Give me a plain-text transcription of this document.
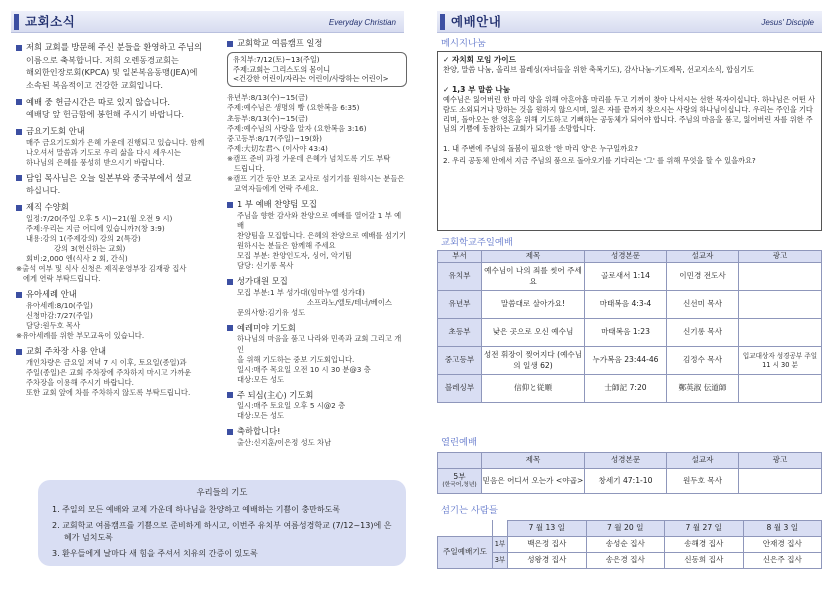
교회소식	Everyday Christian	예배안내	Jesus' Disciple
저희 교회를 방문해 주신 분들을 환영하고 주님의
이름으로 축복합니다. 저희 오렌동경교회는
해외한인장로회(KPCA) 및 일본복음동맹(JEA)에
소속된 복음적이고 건강한 교회입니다.
예배 중 헌금시간은 따로 있지 않습니다.
예배당 앞 헌금함에 봉헌해 주시기 바랍니다.
금요기도회 안내
매주 금요기도회가 은혜 가운데 진행되고 있습니다. 함께
나오셔서 말씀과 기도로 우리 삶을 다시 세우시는
하나님의 은혜를 풍성히 받으시기 바랍니다.
담임 목사님은 오늘 일본부와 중국부에서 설교
하십니다.
제직 수양회
일정:7/20(주일 오후 5 시)~21(월 오전 9 시)
주제:우리는 지금 어디에 있습니까?(창 3:9)
내용:강의 1(주제강의) 강의 2(특강)
강의 3(헌신하는 교회)
회비:2,000 엔(식사 2 회, 간식)
※출석 여부 및 식사 신청은 제직운영부장 김재광 집사
에게 연락 부탁드립니다.
유아세례 안내
유아세례:8/10(주일)
신청마감:7/27(주일)
담당:원두호 목사
※유아세례를 위한 부모교육이 있습니다.
교회 주차장 사용 안내
개인차량은 금요일 저녁 7 시 이후, 토요일(종일)과
주일(종일)은 교회 주차장에 주차하지 마시고 가까운
주차장을 이용해 주시기 바랍니다.
또한 교회 앞에 차를 주차하지 않도록 부탁드립니다.
교회학교 여름캠프 일정
유치부:7/12(토)~13(주일)
주제:교회는 그리스도의 몸이니
<건강한 어린이/자라는 어린이/사랑하는 어린이>
유년부:8/13(수)~15(금)
주제:예수님은 생명의 빵 (요한복음 6:35)
초등부:8/13(수)~15(금)
주제:예수님의 사랑을 알자 (요한복음 3:16)
중고등부:8/17(주일)~19(화)
주제:大切な君へ (이사야 43:4)
※캠프 준비 과정 가운데 은혜가 넘치도록 기도 부탁
드립니다.
※캠프 기간 동안 보조 교사로 섬기기를 원하시는 분들은
교역자들에게 연락 주세요.
1 부 예배 찬양팀 모집
주님을 향한 감사와 찬양으로 예배를 열어갈 1 부 예배
찬양팀을 모집합니다. 은혜의 찬양으로 예배를 섬기기
원하시는 분들은 함께해 주세요
모집 부분: 찬양인도자, 싱어, 악기팀
담당: 신기롱 목사
성가대원 모집
모집 부분:1 부 성가대(임마누엘 성가대)
소프라노/엘토/테너/베이스
문의사항:김기유 성도
예레미야 기도회
하나님의 마음을 품고 나라와 민족과 교회 그리고 개인
을 위해 기도하는 중보 기도회입니다.
일시:매주 목요일 오전 10 시 30 분@3 층
대상:모든 성도
주 되심(主心) 기도회
일시:매주 토요일 오후 5 시@2 층
대상:모든 성도
축하합니다!
출산:신지훈/이은정 성도 차남
우리들의 기도
1. 주일의 모든 예배와 교제 가운데 하나님을 찬양하고 예배하는 기쁨이 충만하도록
2. 교회학교 여름캠프를 기쁨으로 준비하게 하시고, 이번주 유치부 여름성경학교 (7/12~13)에 은혜가 넘치도록
3. 환우들에게 날마다 새 힘을 주셔서 치유의 간증이 있도록
메시지나눔
✓ 자치회 모임 가이드

찬양, 말씀 나눔, 올리브 블레싱(자녀들을 위한 축복기도), 감사나눔-기도제목, 선교지소식, 합심기도

✓ 1,3 부 말씀 나눔

예수님은 잃어버린 한 마리 양을 위해 아흔아홉 마리를 두고 기꺼이 찾아 나서시는 선한 목자이십니다. 하나님은 어떤 사람도 소외되거나 망하는 것을 원하지 않으시며, 잃은 자를 끝까지 찾으시는 사랑의 하나님이십니다. 우리는 주인을 기다리며, 돌아오는 한 영혼을 위해 기도하고 기뻐하는 공동체가 되어야 합니다. 주님의 마음을 품고, 잃어버린 자를 위한 주님의 기쁨에 동참하는 교회가 되기를 소망합니다.

1. 내 주변에 주님의 돌봄이 필요한 '한 마리 양'은 누구일까요?

2. 우리 공동체 안에서 지금 주님의 품으로 돌아오기를 기다리는 '그' 를 위해 무엇을 할 수 있을까요?

교회학교주일예배
부서	제목	성경본문	설교자	광고
유치부	예수님이 나의 죄를 씻어 주세요	골로새서 1:14	이민경 전도사	
유년부	말씀대로 살아가요!	마태복음 4:3-4	신선미 목사	
초등부	낮은 곳으로 오신 예수님	마태복음 1:23	신기롱 목사	
중고등부	성전 휘장이 찢어지다 (예수님의 일생 62)	누가복음 23:44-46	김정수 목사	입교대상자 성경공부 주일 11 시 30 분
블레싱부	信仰と従順	士師記 7:20	鄭英淑 伝道師	
열린예배
	제목	성경본문	설교자	광고

5부
(한국어,청년)	믿음은 어디서 오는가 <야곱>	창세기 47:1-10	원두호 목사	
섬기는 사람들
		7 월 13 일	7 월 20 일	7 월 27 일	8 월 3 일
주일예배기도	1부	백은정 집사	송성순 집사	송해경 집사	안재경 집사
	3부	성왕경 집사	송은경 집사	신동희 집사	신은주 집사
